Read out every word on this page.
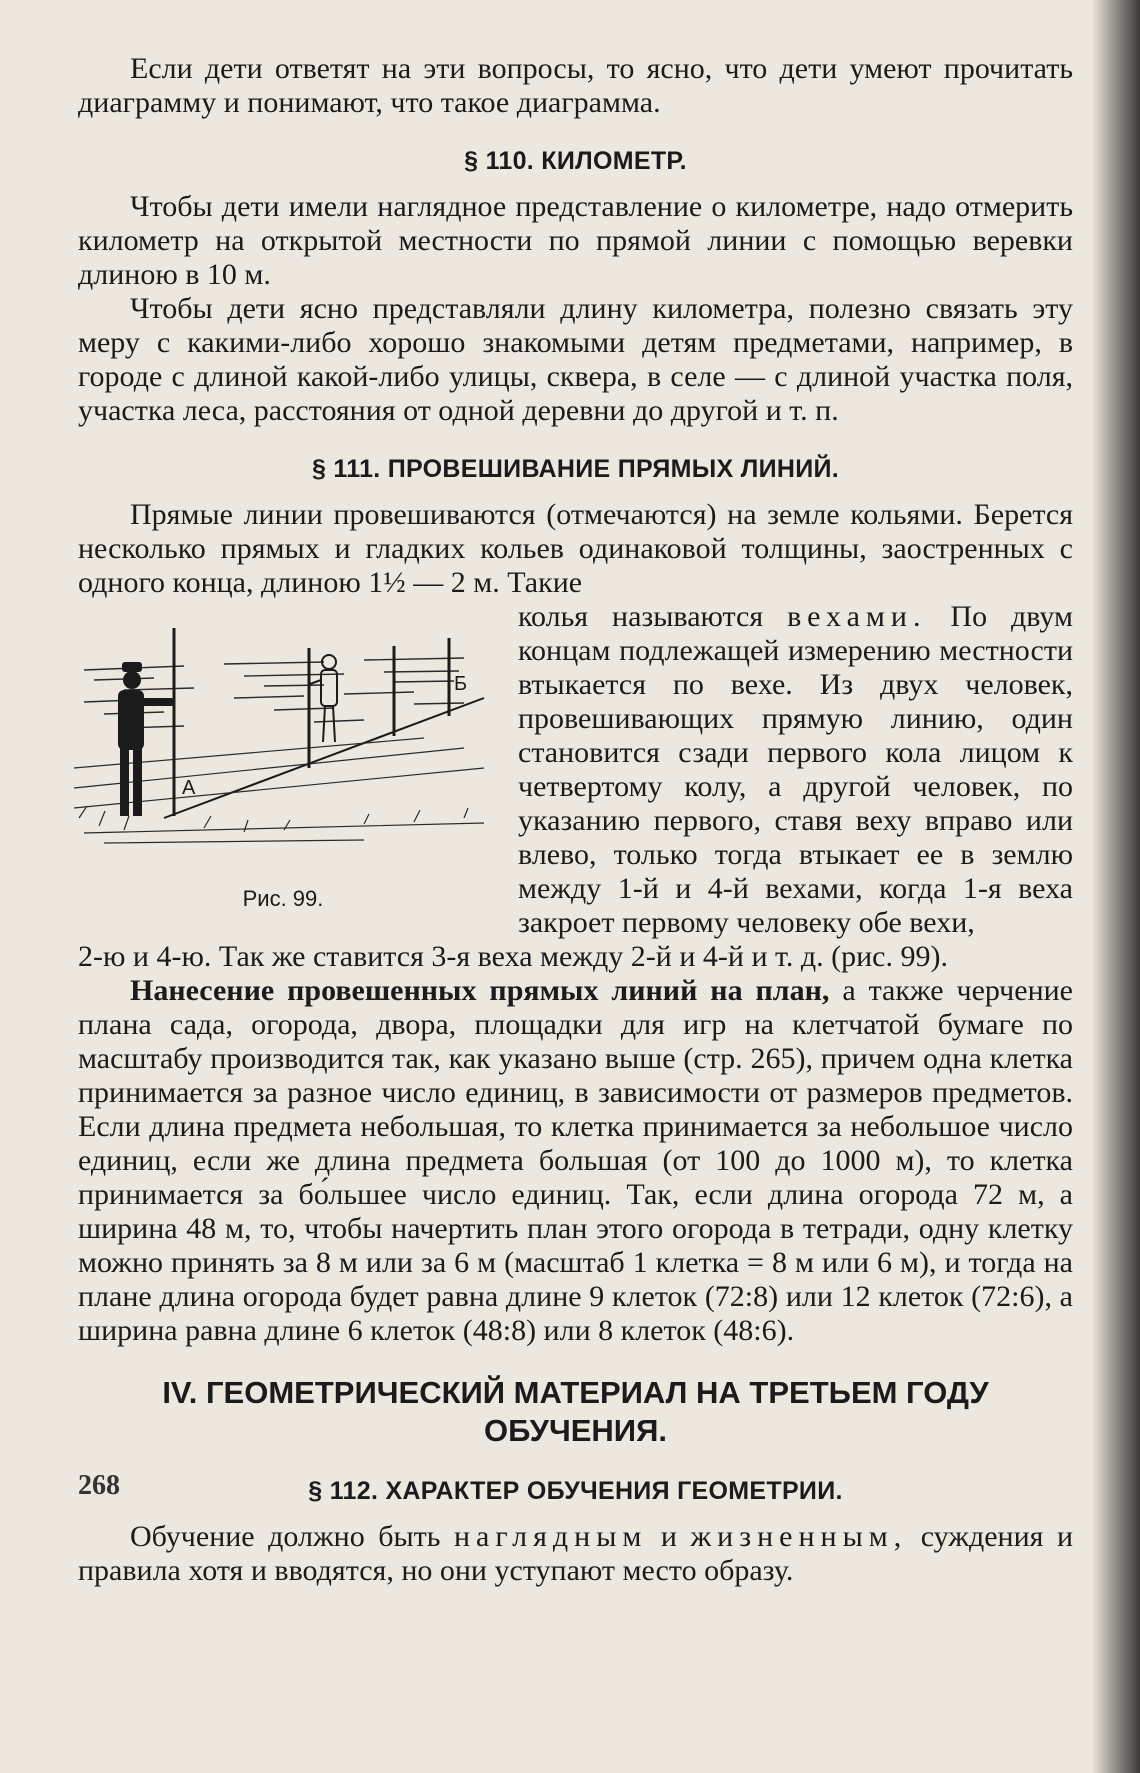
Если дети ответят на эти вопросы, то ясно, что дети умеют прочитать диаграмму и понимают, что такое диаграмма.

§ 110. КИЛОМЕТР.

Чтобы дети имели наглядное представление о километре, надо отмерить километр на открытой местности по прямой линии с помощью веревки длиною в 10 м.

Чтобы дети ясно представляли длину километра, полезно связать эту меру с какими-либо хорошо знакомыми детям предметами, например, в городе с длиной какой-либо улицы, сквера, в селе — с длиной участка поля, участка леса, расстояния от одной деревни до другой и т. п.

§ 111. ПРОВЕШИВАНИЕ ПРЯМЫХ ЛИНИЙ.

Прямые линии провешиваются (отмечаются) на земле кольями. Берется несколько прямых и гладких кольев одинаковой толщины, заостренных с одного конца, длиною 1½ — 2 м. Такие

А
Б
Рис. 99.

колья называются вехами. По двум концам подлежащей измерению местности втыкается по вехе. Из двух человек, провешивающих прямую линию, один становится сзади первого кола лицом к четвертому колу, а другой человек, по указанию первого, ставя веху вправо или влево, только тогда втыкает ее в землю между 1-й и 4-й вехами, когда 1-я веха закроет первому человеку обе вехи,

2-ю и 4-ю. Так же ставится 3-я веха между 2-й и 4-й и т. д. (рис. 99).

Нанесение провешенных прямых линий на план, а также черчение плана сада, огорода, двора, площадки для игр на клетчатой бумаге по масштабу производится так, как указано выше (стр. 265), причем одна клетка принимается за разное число единиц, в зависимости от размеров предметов. Если длина предмета небольшая, то клетка принимается за небольшое число единиц, если же длина предмета большая (от 100 до 1000 м), то клетка принимается за бо́льшее число единиц. Так, если длина огорода 72 м, а ширина 48 м, то, чтобы начертить план этого огорода в тетради, одну клетку можно принять за 8 м или за 6 м (масштаб 1 клетка = 8 м или 6 м), и тогда на плане длина огорода будет равна длине 9 клеток (72:8) или 12 клеток (72:6), а ширина равна длине 6 клеток (48:8) или 8 клеток (48:6).

IV. ГЕОМЕТРИЧЕСКИЙ МАТЕРИАЛ НА ТРЕТЬЕМ ГОДУ
ОБУЧЕНИЯ.
§ 112. ХАРАКТЕР ОБУЧЕНИЯ ГЕОМЕТРИИ.

Обучение должно быть наглядным и жизненным, суждения и правила хотя и вводятся, но они уступают место образу.

268
